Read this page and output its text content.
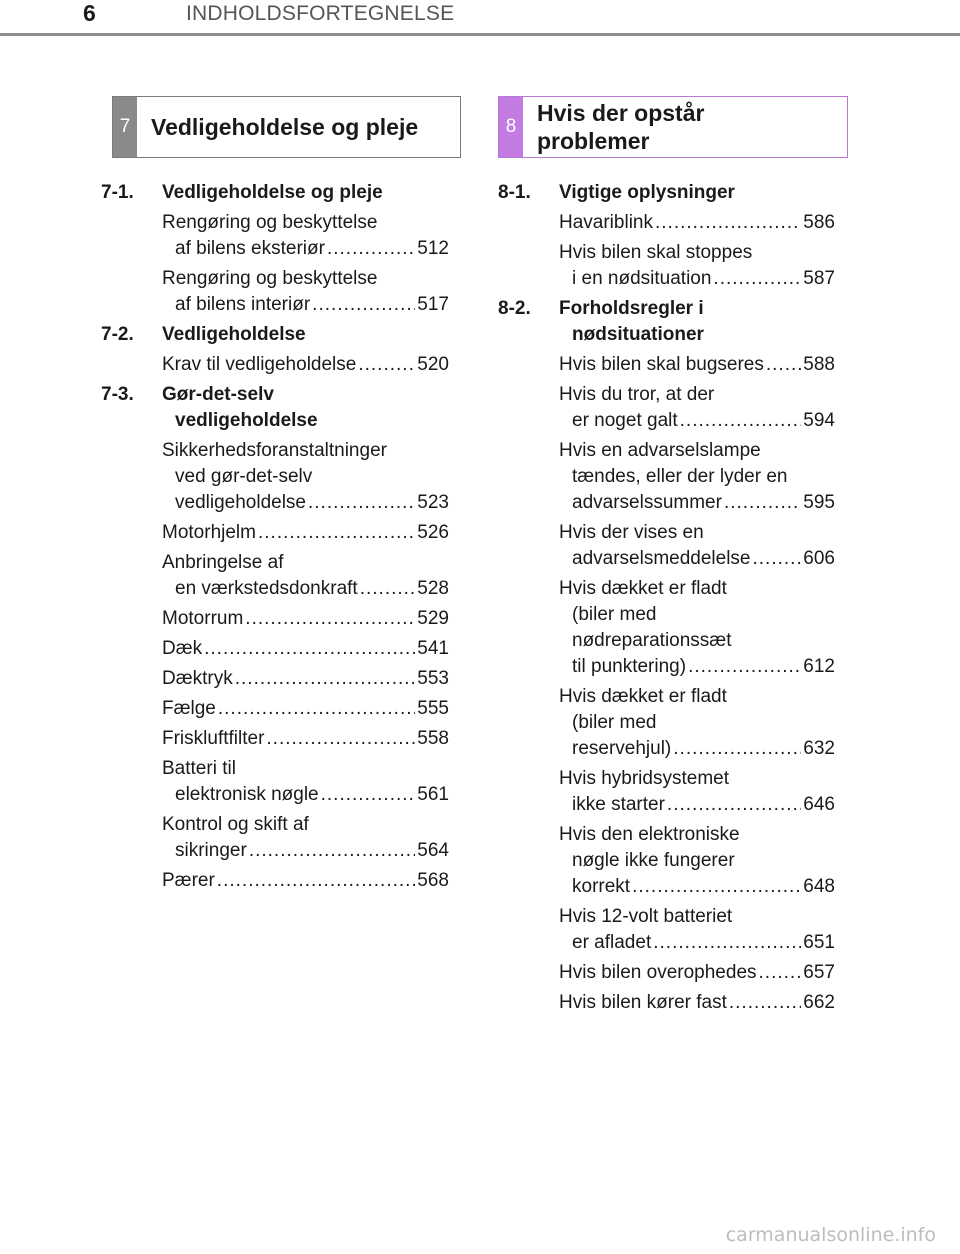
6	INDHOLDSFORTEGNELSE
7 Vedligeholdelse og pleje	8
Hvis der opstår
problemer
7-1.	Vedligeholdelse og pleje
Rengøring og beskyttelse
af bilens eksteriør .....	512
Rengøring og beskyttelse
af bilens interiør .....	517
7-2.	Vedligeholdelse
Krav til vedligeholdelse .....	520
7-3.	Gør-det-selv
vedligeholdelse
Sikkerhedsforanstaltninger
ved gør-det-selv
vedligeholdelse .....	523
Motorhjelm .....	526
Anbringelse af
en værkstedsdonkraft .....	528
Motorrum .....	529
Dæk .....	541
Dæktryk .....	553
Fælge .....	555
Friskluftfilter .....	558
Batteri til
elektronisk nøgle .....	561
Kontrol og skift af
sikringer .....	564
Pærer .....	568
8-1.	Vigtige oplysninger
Havariblink .....	586
Hvis bilen skal stoppes
i en nødsituation .....	587
8-2.	Forholdsregler i
nødsituationer
Hvis bilen skal bugseres ..... 588
Hvis du tror, at der
er noget galt .....	594
Hvis en advarselslampe
tændes, eller der lyder en
advarselssummer .....	595
Hvis der vises en
advarselsmeddelelse .....	606
Hvis dækket er fladt
(biler med
nødreparationssæt
til punktering) .....	612
Hvis dækket er fladt
(biler med
reservehjul) .....	632
Hvis hybridsystemet
ikke starter .....	646
Hvis den elektroniske
nøgle ikke fungerer
korrekt .....	648
Hvis 12-volt batteriet
er afladet .....	651
Hvis bilen overophedes ..... 657
Hvis bilen kører fast .....	662
carmanualsonline.info
